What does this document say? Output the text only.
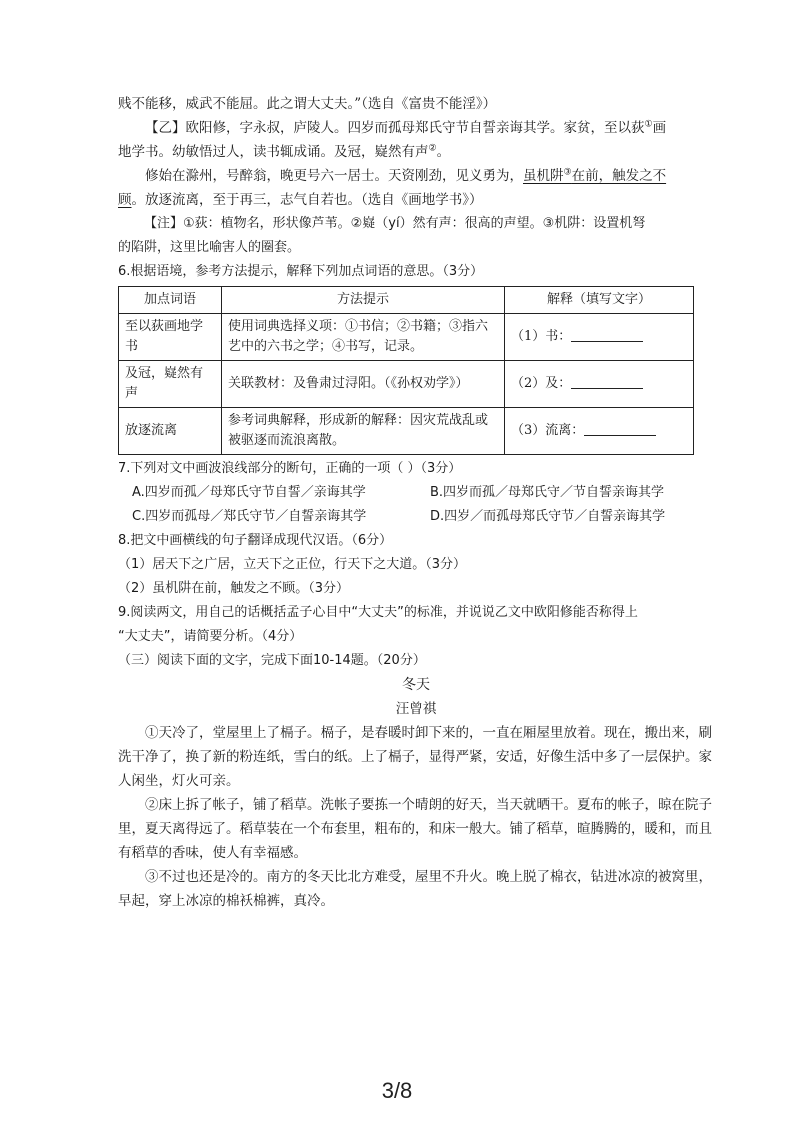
贱不能移，威武不能屈。此之谓大丈夫。”（选自《富贵不能淫》）

【乙】欧阳修，字永叔，庐陵人。四岁而孤母郑氏守节自誓亲诲其学。家贫，至以荻①画

地学书。幼敏悟过人，读书辄成诵。及冠，嶷然有声②。

修始在滁州，号醉翁，晚更号六一居士。天资刚劲，见义勇为，虽机阱③在前，触发之不

顾。放逐流离，至于再三，志气自若也。（选自《画地学书》）

【注】①荻：植物名，形状像芦苇。②嶷（yí）然有声：很高的声望。③机阱：设置机弩

的陷阱，这里比喻害人的圈套。

6.根据语境，参考方法提示，解释下列加点词语的意思。（3分）

加点词语	方法提示	解释（填写文字）
至以荻画地学书	使用词典选择义项：①书信；②书籍；③指六艺中的六书之学；④书写，记录。	（1）书：
及冠，嶷然有声	关联教材：及鲁肃过浔阳。（《孙权劝学》）	（2）及：
放逐流离	参考词典解释，形成新的解释：因灾荒战乱或被驱逐而流浪离散。	（3）流离：

7.下列对文中画波浪线部分的断句，正确的一项（ ）（3分）

A.四岁而孤／母郑氏守节自誓／亲诲其学	B.四岁而孤／母郑氏守／节自誓亲诲其学
C.四岁而孤母／郑氏守节／自誓亲诲其学	D.四岁／而孤母郑氏守节／自誓亲诲其学

8.把文中画横线的句子翻译成现代汉语。（6分）

（1）居天下之广居，立天下之正位，行天下之大道。（3分）

（2）虽机阱在前，触发之不顾。（3分）

9.阅读两文，用自己的话概括孟子心目中“大丈夫”的标准，并说说乙文中欧阳修能否称得上

“大丈夫”，请简要分析。（4分）

（三）阅读下面的文字，完成下面10-14题。（20分）

冬天

汪曾祺

①天冷了，堂屋里上了槅子。槅子，是春暖时卸下来的，一直在厢屋里放着。现在，搬出来，刷洗干净了，换了新的粉连纸，雪白的纸。上了槅子，显得严紧，安适，好像生活中多了一层保护。家人闲坐，灯火可亲。

②床上拆了帐子，铺了稻草。洗帐子要拣一个晴朗的好天，当天就晒干。夏布的帐子，晾在院子里，夏天离得远了。稻草装在一个布套里，粗布的，和床一般大。铺了稻草，暄腾腾的，暖和，而且有稻草的香味，使人有幸福感。

③不过也还是冷的。南方的冬天比北方难受，屋里不升火。晚上脱了棉衣，钻进冰凉的被窝里，早起，穿上冰凉的棉袄棉裤，真冷。

3/8
